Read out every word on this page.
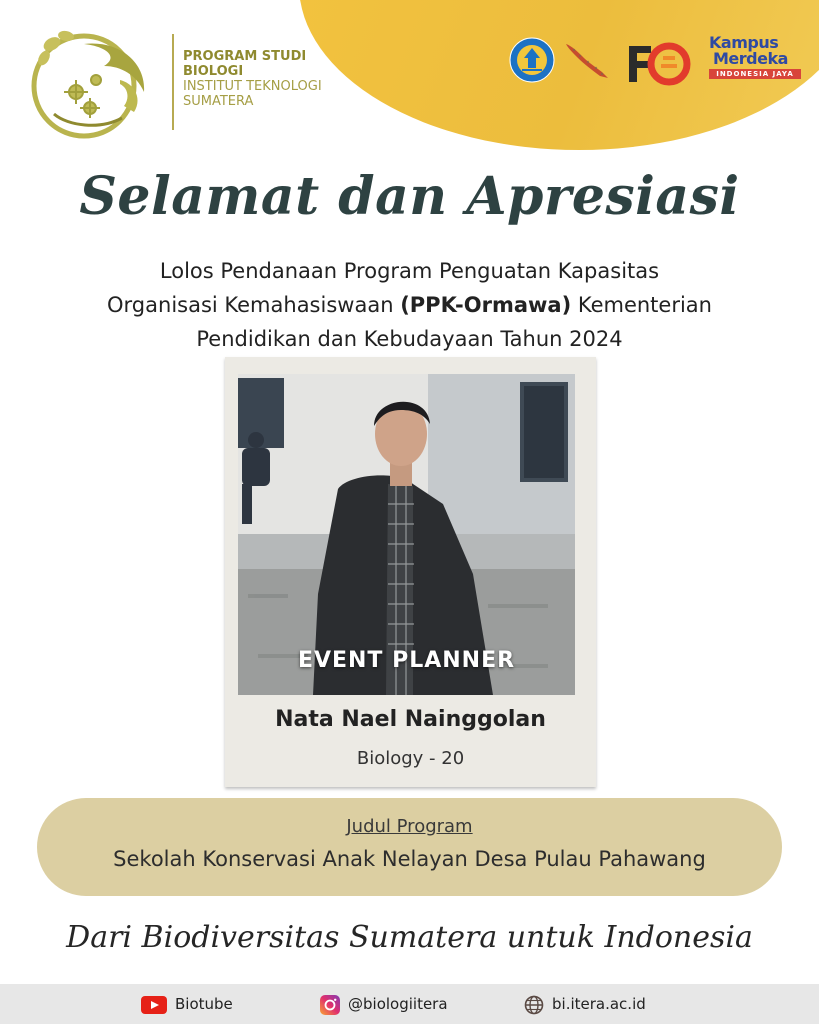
PROGRAM STUDI
BIOLOGI
INSTITUT TEKNOLOGI
SUMATERA
Kampus
Merdeka
INDONESIA JAYA
Selamat dan Apresiasi
Lolos Pendanaan Program Penguatan Kapasitas
Organisasi Kemahasiswaan (PPK-Ormawa) Kementerian
Pendidikan dan Kebudayaan Tahun 2024
EVENT PLANNER
Nata Nael Nainggolan
Biology - 20
Judul Program
Sekolah Konservasi Anak Nelayan Desa Pulau Pahawang
Dari Biodiversitas Sumatera untuk Indonesia
Biotube	@biologiitera	bi.itera.ac.id
